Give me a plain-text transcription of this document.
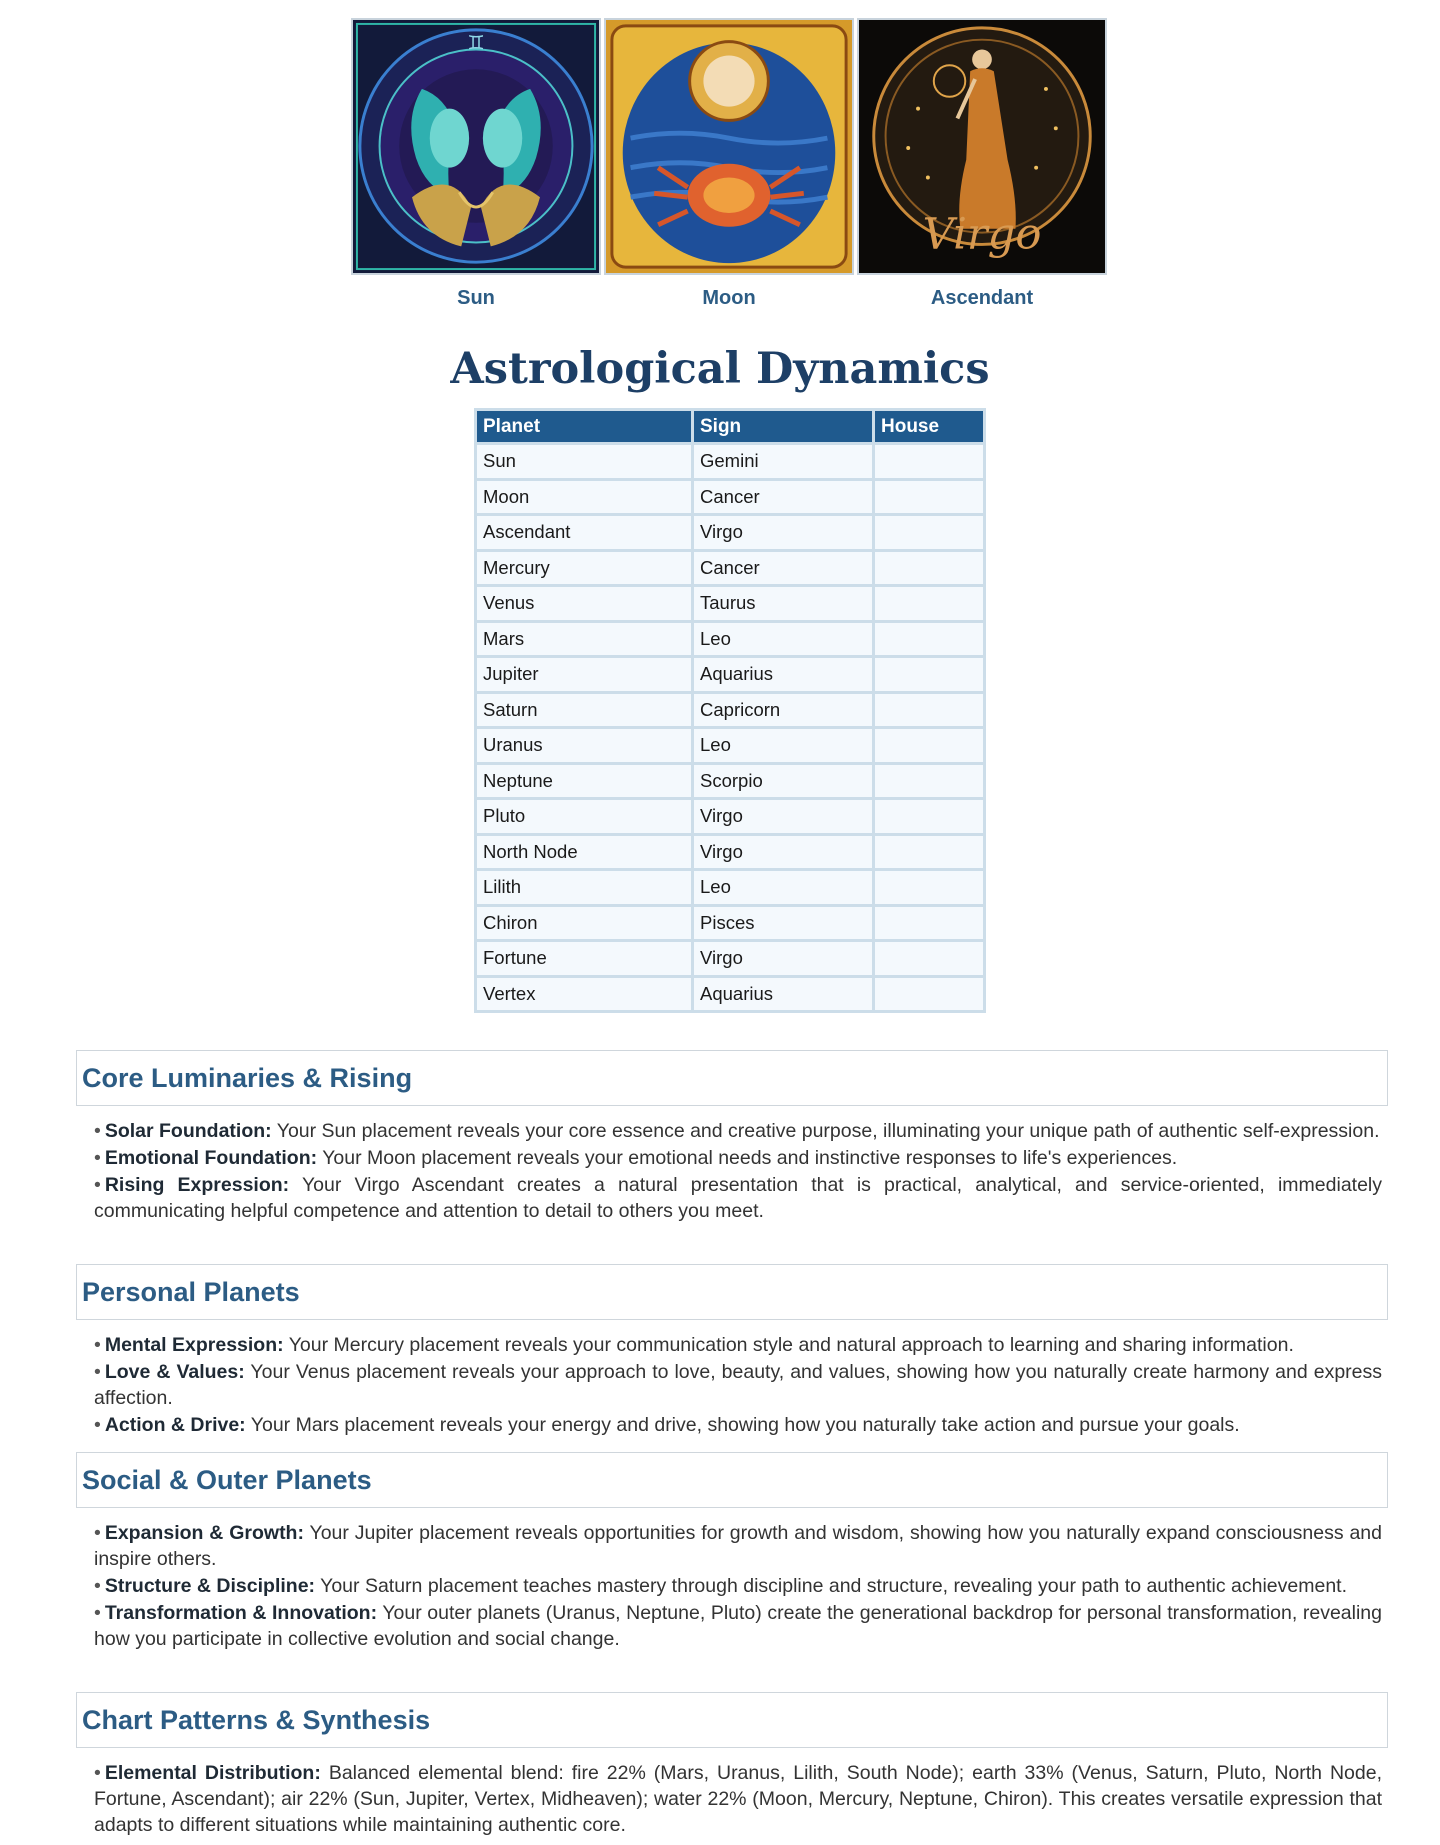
♊
Virgo
Sun	Moon	Ascendant
Astrological Dynamics
Planet	Sign	House
Sun	Gemini	
Moon	Cancer	
Ascendant	Virgo	
Mercury	Cancer	
Venus	Taurus	
Mars	Leo	
Jupiter	Aquarius	
Saturn	Capricorn	
Uranus	Leo	
Neptune	Scorpio	
Pluto	Virgo	
North Node	Virgo	
Lilith	Leo	
Chiron	Pisces	
Fortune	Virgo	
Vertex	Aquarius	
Core Luminaries & Rising
• Solar Foundation: Your Sun placement reveals your core essence and creative purpose, illuminating your unique path of authentic self-expression.
• Emotional Foundation: Your Moon placement reveals your emotional needs and instinctive responses to life's experiences.
• Rising Expression: Your Virgo Ascendant creates a natural presentation that is practical, analytical, and service-oriented, immediately communicating helpful competence and attention to detail to others you meet.
Personal Planets
• Mental Expression: Your Mercury placement reveals your communication style and natural approach to learning and sharing information.
• Love & Values: Your Venus placement reveals your approach to love, beauty, and values, showing how you naturally create harmony and express affection.
• Action & Drive: Your Mars placement reveals your energy and drive, showing how you naturally take action and pursue your goals.
Social & Outer Planets
• Expansion & Growth: Your Jupiter placement reveals opportunities for growth and wisdom, showing how you naturally expand consciousness and inspire others.
• Structure & Discipline: Your Saturn placement teaches mastery through discipline and structure, revealing your path to authentic achievement.
• Transformation & Innovation: Your outer planets (Uranus, Neptune, Pluto) create the generational backdrop for personal transformation, revealing how you participate in collective evolution and social change.
Chart Patterns & Synthesis
• Elemental Distribution: Balanced elemental blend: fire 22% (Mars, Uranus, Lilith, South Node); earth 33% (Venus, Saturn, Pluto, North Node, Fortune, Ascendant); air 22% (Sun, Jupiter, Vertex, Midheaven); water 22% (Moon, Mercury, Neptune, Chiron). This creates versatile expression that adapts to different situations while maintaining authentic core.
